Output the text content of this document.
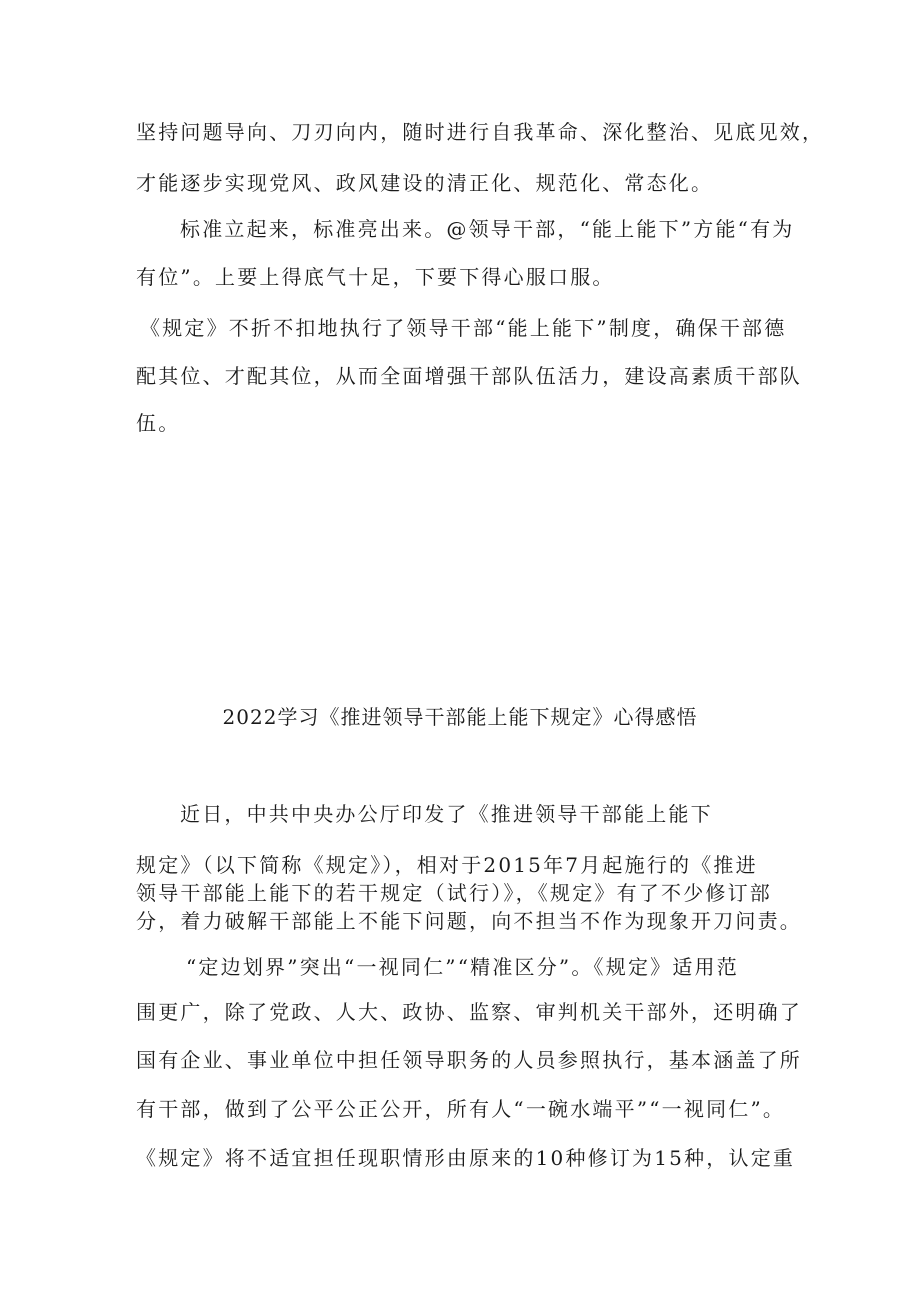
坚持问题导向、刀刃向内，随时进行自我革命、深化整治、见底见效，

才能逐步实现党风、政风建设的清正化、规范化、常态化。

标准立起来，标准亮出来。@领导干部，“能上能下”方能“有为

有位”。上要上得底气十足，下要下得心服口服。

《规定》不折不扣地执行了领导干部“能上能下”制度，确保干部德

配其位、才配其位，从而全面增强干部队伍活力，建设高素质干部队

伍。

2022学习《推进领导干部能上能下规定》心得感悟

近日，中共中央办公厅印发了《推进领导干部能上能下

规定》（以下简称《规定》），相对于2015年7月起施行的《推进

领导干部能上能下的若干规定（试行）》，《规定》有了不少修订部

分，着力破解干部能上不能下问题，向不担当不作为现象开刀问责。

“定边划界”突出“一视同仁”“精准区分”。《规定》适用范

围更广，除了党政、人大、政协、监察、审判机关干部外，还明确了

国有企业、事业单位中担任领导职务的人员参照执行，基本涵盖了所

有干部，做到了公平公正公开，所有人“一碗水端平”“一视同仁”。

《规定》将不适宜担任现职情形由原来的10种修订为15种，认定重
